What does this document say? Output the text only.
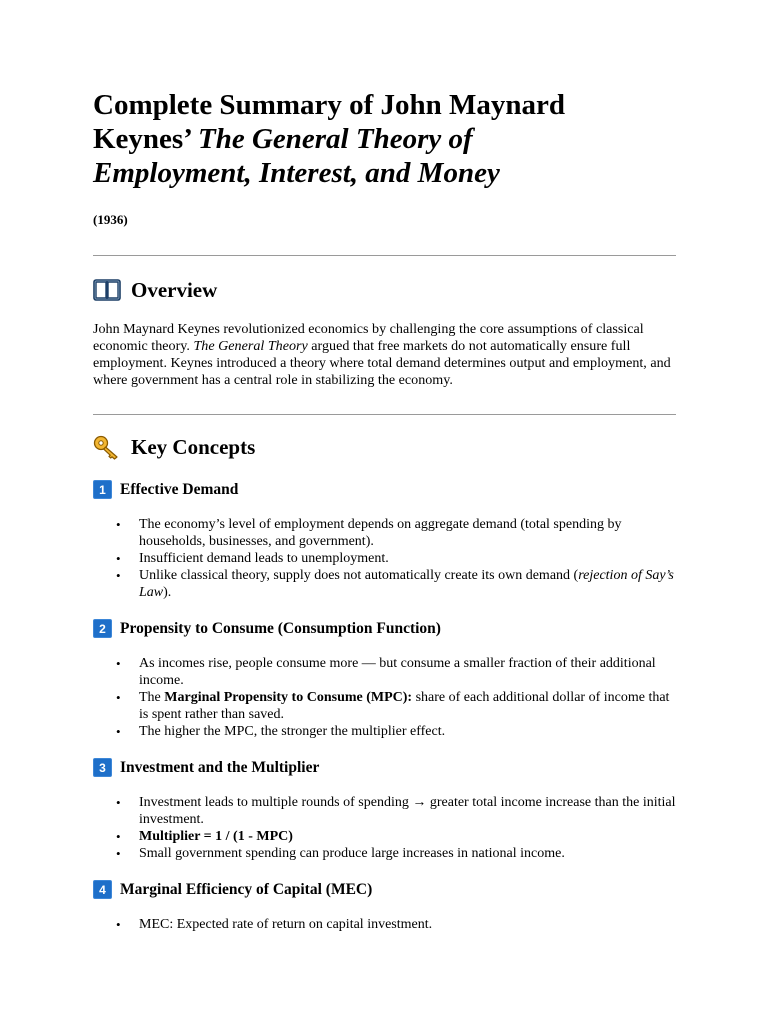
Complete Summary of John Maynard
Keynes’ The General Theory of
Employment, Interest, and Money
(1936)
Overview

John Maynard Keynes revolutionized economics by challenging the core assumptions of classical economic theory. The General Theory argued that free markets do not automatically ensure full employment. Keynes introduced a theory where total demand determines output and employment, and where government has a central role in stabilizing the economy.

Key Concepts
1 Effective Demand
• The economy’s level of employment depends on aggregate demand (total spending by households, businesses, and government).
• Insufficient demand leads to unemployment.
• Unlike classical theory, supply does not automatically create its own demand (rejection of Say’s Law).
2 Propensity to Consume (Consumption Function)
• As incomes rise, people consume more — but consume a smaller fraction of their additional income.
• The Marginal Propensity to Consume (MPC): share of each additional dollar of income that is spent rather than saved.
• The higher the MPC, the stronger the multiplier effect.
3 Investment and the Multiplier
• Investment leads to multiple rounds of spending → greater total income increase than the initial investment.
• Multiplier = 1 / (1 - MPC)
• Small government spending can produce large increases in national income.
4 Marginal Efficiency of Capital (MEC)
• MEC: Expected rate of return on capital investment.
